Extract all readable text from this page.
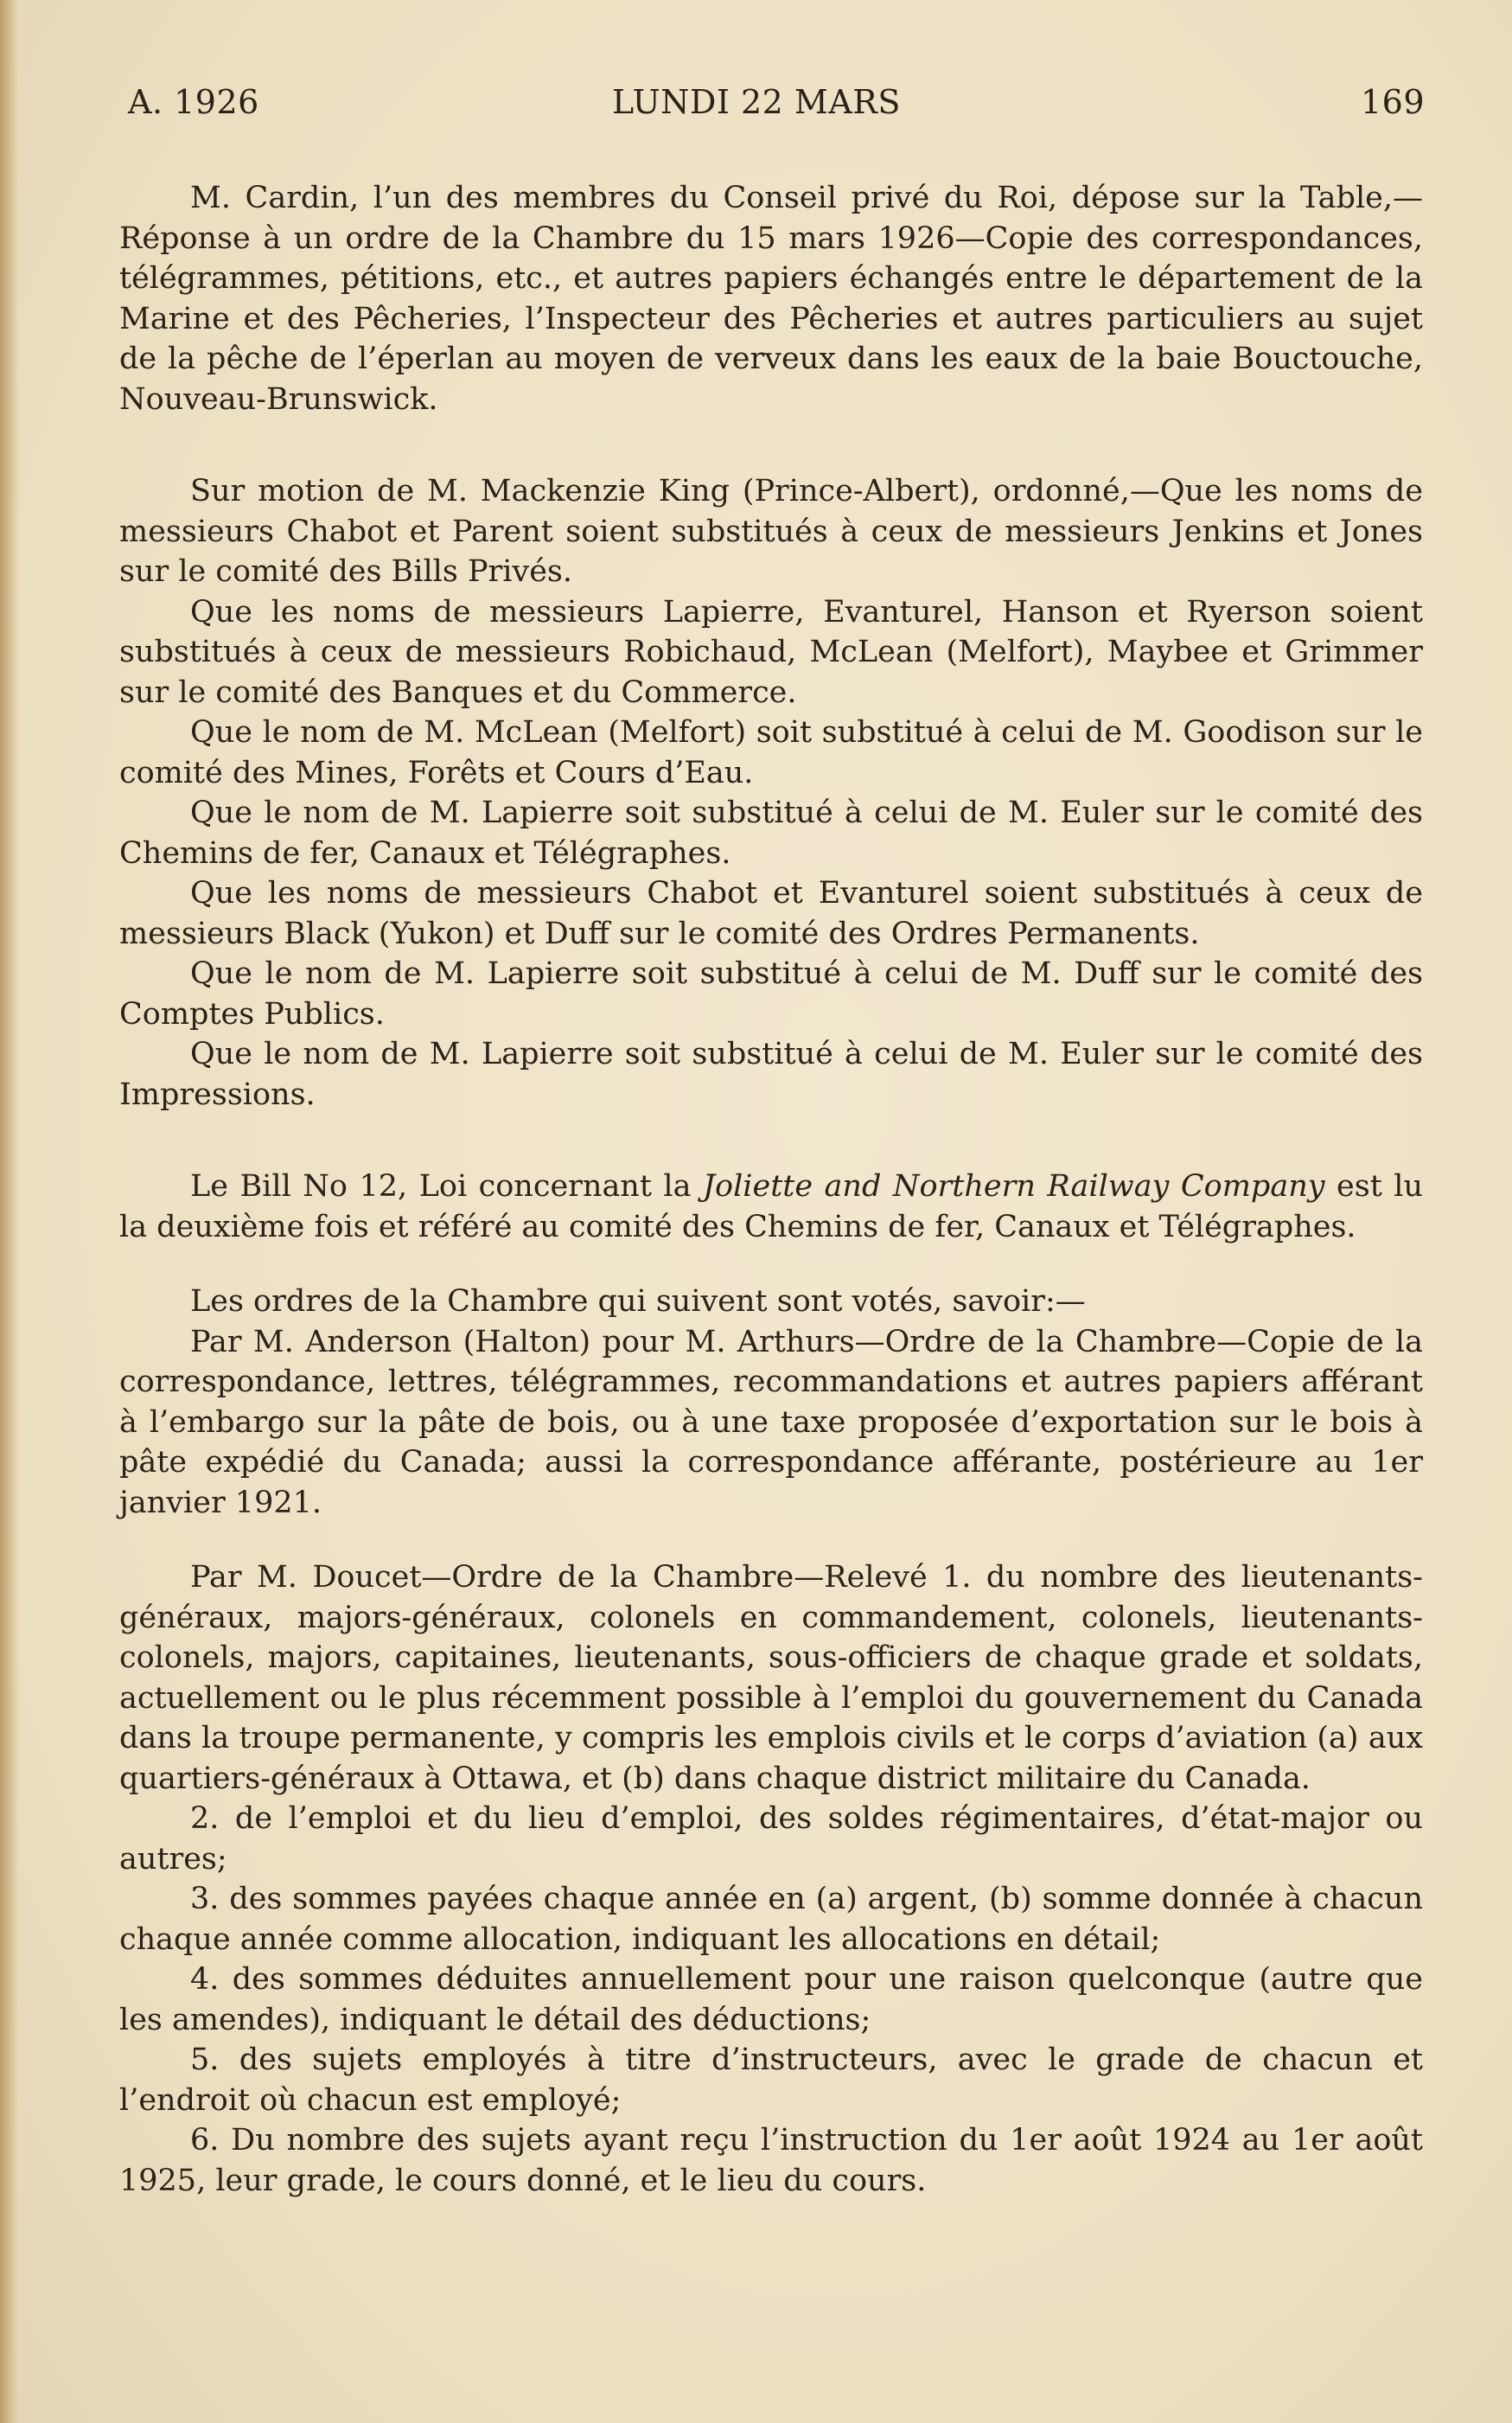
A. 1926	LUNDI 22 MARS	169

M. Cardin, l’un des membres du Conseil privé du Roi, dépose sur la Table,—Réponse à un ordre de la Chambre du 15 mars 1926—Copie des correspondances, télégrammes, pétitions, etc., et autres papiers échangés entre le département de la Marine et des Pêcheries, l’Inspecteur des Pêcheries et autres particuliers au sujet de la pêche de l’éperlan au moyen de verveux dans les eaux de la baie Bouctouche, Nouveau-Brunswick.

Sur motion de M. Mackenzie King (Prince-Albert), ordonné,—Que les noms de messieurs Chabot et Parent soient substitués à ceux de messieurs Jenkins et Jones sur le comité des Bills Privés.

Que les noms de messieurs Lapierre, Evanturel, Hanson et Ryerson soient substitués à ceux de messieurs Robichaud, McLean (Melfort), Maybee et Grimmer sur le comité des Banques et du Commerce.

Que le nom de M. McLean (Melfort) soit substitué à celui de M. Goodison sur le comité des Mines, Forêts et Cours d’Eau.

Que le nom de M. Lapierre soit substitué à celui de M. Euler sur le comité des Chemins de fer, Canaux et Télégraphes.

Que les noms de messieurs Chabot et Evanturel soient substitués à ceux de messieurs Black (Yukon) et Duff sur le comité des Ordres Permanents.

Que le nom de M. Lapierre soit substitué à celui de M. Duff sur le comité des Comptes Publics.

Que le nom de M. Lapierre soit substitué à celui de M. Euler sur le comité des Impressions.

Le Bill No 12, Loi concernant la Joliette and Northern Railway Company est lu la deuxième fois et référé au comité des Chemins de fer, Canaux et Télégraphes.

Les ordres de la Chambre qui suivent sont votés, savoir:—

Par M. Anderson (Halton) pour M. Arthurs—Ordre de la Chambre—Copie de la correspondance, lettres, télégrammes, recommandations et autres papiers afférant à l’embargo sur la pâte de bois, ou à une taxe proposée d’exportation sur le bois à pâte expédié du Canada; aussi la correspondance afférante, postérieure au 1er janvier 1921.

Par M. Doucet—Ordre de la Chambre—Relevé 1. du nombre des lieutenants-généraux, majors-généraux, colonels en commandement, colonels, lieutenants-colonels, majors, capitaines, lieutenants, sous-officiers de chaque grade et soldats, actuellement ou le plus récemment possible à l’emploi du gouvernement du Canada dans la troupe permanente, y compris les emplois civils et le corps d’aviation (a) aux quartiers-généraux à Ottawa, et (b) dans chaque district militaire du Canada.

2. de l’emploi et du lieu d’emploi, des soldes régimentaires, d’état-major ou autres;

3. des sommes payées chaque année en (a) argent, (b) somme donnée à chacun chaque année comme allocation, indiquant les allocations en détail;

4. des sommes déduites annuellement pour une raison quelconque (autre que les amendes), indiquant le détail des déductions;

5. des sujets employés à titre d’instructeurs, avec le grade de chacun et l’endroit où chacun est employé;

6. Du nombre des sujets ayant reçu l’instruction du 1er août 1924 au 1er août 1925, leur grade, le cours donné, et le lieu du cours.
